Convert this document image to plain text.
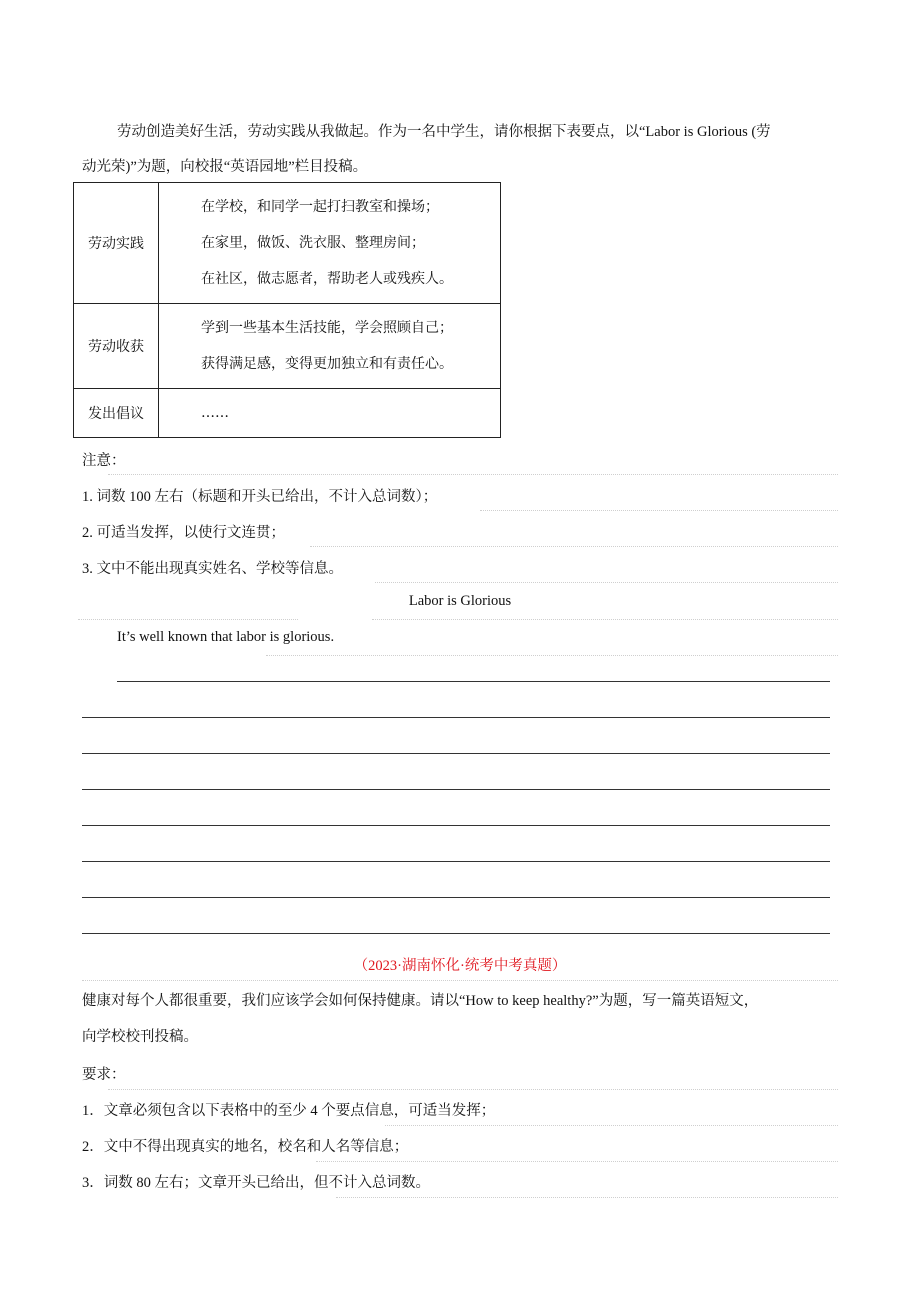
劳动创造美好生活，劳动实践从我做起。作为一名中学生，请你根据下表要点，以“Labor is Glorious (劳
动光荣)”为题，向校报“英语园地”栏目投稿。
劳动实践	在学校，和同学一起打扫教室和操场；
在家里，做饭、洗衣服、整理房间；
在社区，做志愿者，帮助老人或残疾人。

劳动收获	学到一些基本生活技能，学会照顾自己；
获得满足感，变得更加独立和有责任心。

发出倡议	……
注意：
1. 词数 100 左右（标题和开头已给出，不计入总词数）；
2. 可适当发挥，以使行文连贯；
3. 文中不能出现真实姓名、学校等信息。
Labor is Glorious
It’s well known that labor is glorious.
（2023·湖南怀化·统考中考真题）
健康对每个人都很重要，我们应该学会如何保持健康。请以“How to keep healthy?”为题，写一篇英语短文，
向学校校刊投稿。
要求：
1．文章必须包含以下表格中的至少 4 个要点信息，可适当发挥；
2．文中不得出现真实的地名，校名和人名等信息；
3．词数 80 左右；文章开头已给出，但不计入总词数。
